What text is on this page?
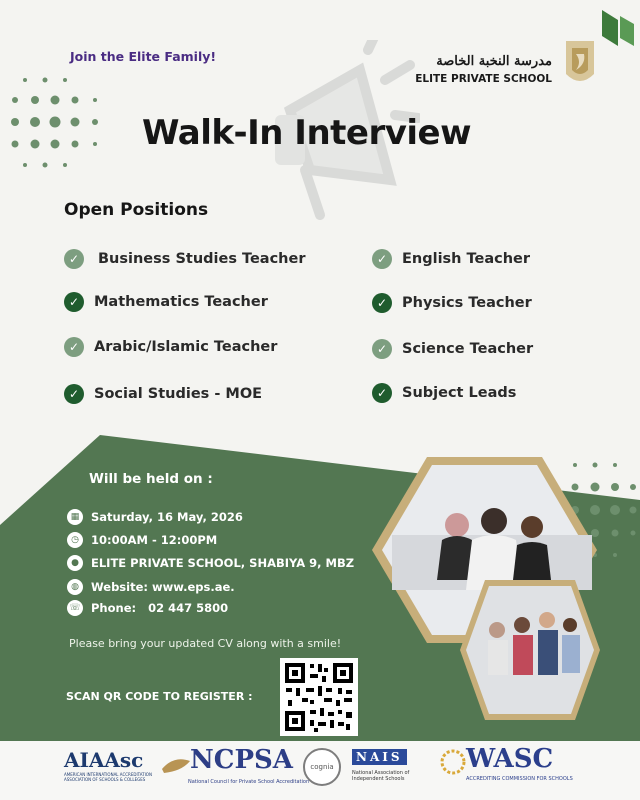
Join the Elite Family!	مدرسة النخبة الخاصة
ELITE PRIVATE SCHOOL
Walk-In Interview
Open Positions
✓	Business Studies Teacher
✓	Mathematics Teacher
✓	Arabic/Islamic Teacher
✓	Social Studies - MOE
✓	English Teacher
✓	Physics Teacher
✓	Science Teacher
✓	Subject Leads
Will be held on :
▦	Saturday, 16 May, 2026
◷	10:00AM - 12:00PM
●	ELITE PRIVATE SCHOOL, SHABIYA 9, MBZ
◍	Website: www.eps.ae.
☏ Phone: 02 447 5800
Please bring your updated CV along with a smile!
SCAN QR CODE TO REGISTER :
AIAAsc
AMERICAN INTERNATIONAL ACCREDITATION ASSOCIATION OF SCHOOLS & COLLEGES
NCPSA
National Council for Private School Accreditation
cognia
NAIS
National Association of Independent Schools
WASC
ACCREDITING COMMISSION FOR SCHOOLS
